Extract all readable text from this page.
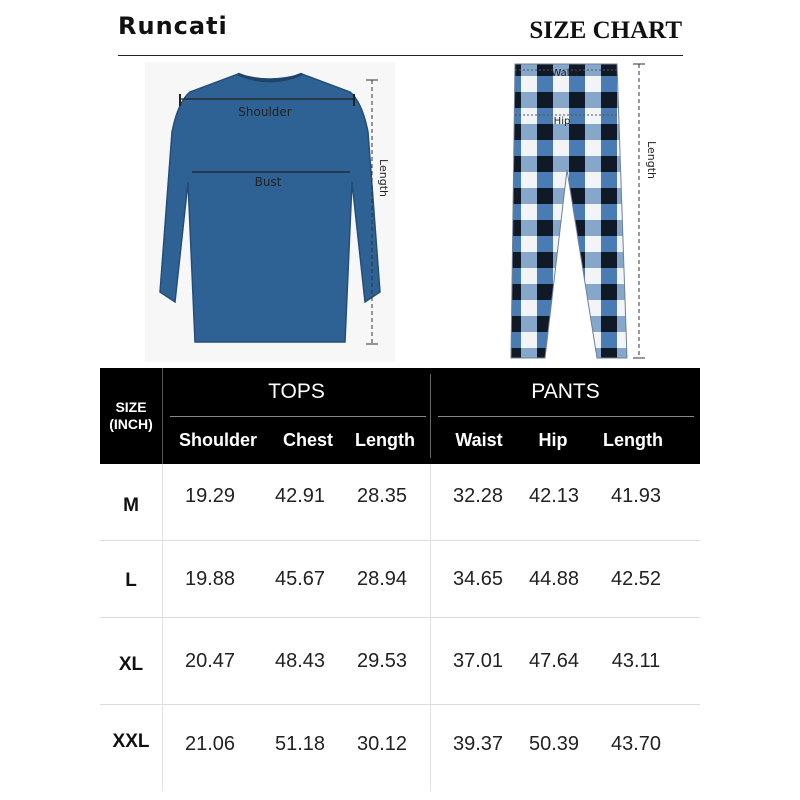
Runcati	SIZE CHART
Shoulder
Bust	Length
Waist
Hip
Length
SIZE
(INCH)
TOPS	PANTS
Shoulder	Chest	Length	Waist	Hip	Length
M	19.29	42.91	28.35	32.28	42.13	41.93
L	19.88	45.67	28.94	34.65	44.88	42.52
XL	20.47	48.43	29.53	37.01	47.64	43.11
XXL	21.06	51.18	30.12	39.37	50.39	43.70
